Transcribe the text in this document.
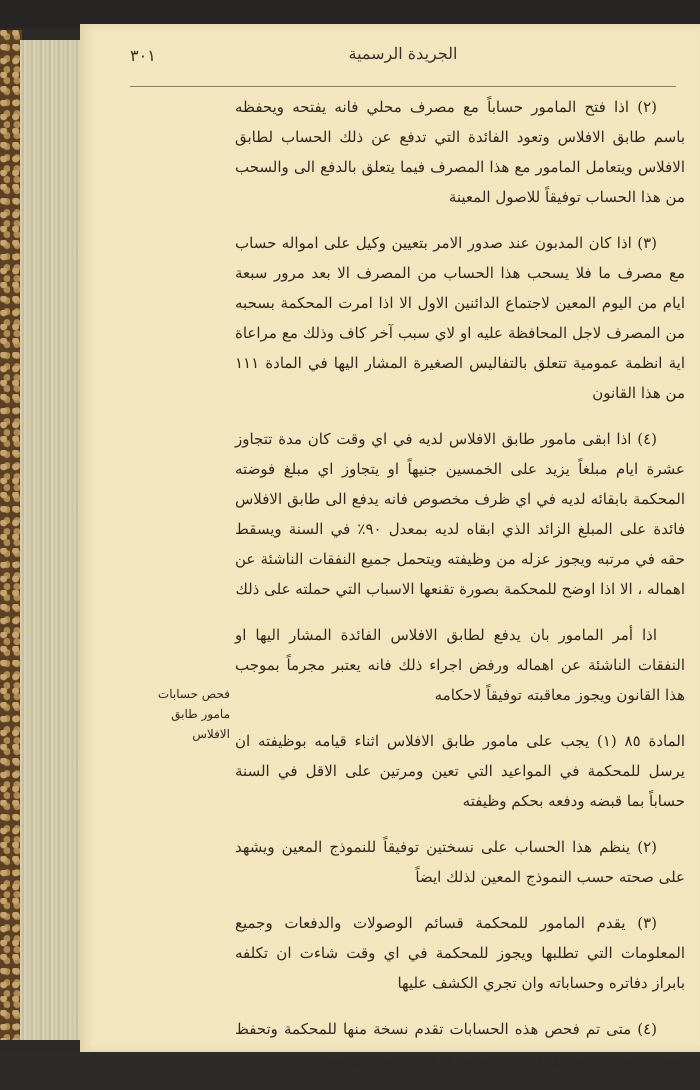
٣٠١	الجريدة الرسمية
فحص حسابات
مامور طابق
الافلاس

(٢) اذا فتح المامور حساباً مع مصرف محلي فانه يفتحه ويحفظه باسم طابق الافلاس وتعود الفائدة التي تدفع عن ذلك الحساب لطابق الافلاس ويتعامل المامور مع هذا المصرف فيما يتعلق بالدفع الى والسحب من هذا الحساب توفيقاً للاصول المعينة

(٣) اذا كان المدبون عند صدور الامر بتعيين وكيل على امواله حساب مع مصرف ما فلا يسحب هذا الحساب من المصرف الا بعد مرور سبعة ايام من اليوم المعين لاجتماع الدائنين الاول الا اذا امرت المحكمة بسحبه من المصرف لاجل المحافظة عليه او لاي سبب آخر كاف وذلك مع مراعاة اية انظمة عمومية تتعلق بالتفاليس الصغيرة المشار اليها في المادة ١١١ من هذا القانون

(٤) اذا ابقى مامور طابق الافلاس لديه في اي وقت كان مدة تتجاوز عشرة ايام مبلغاً يزيد على الخمسين جنيهاً او يتجاوز اي مبلغ فوضته المحكمة بابقائه لديه في اي ظرف مخصوص فانه يدفع الى طابق الافلاس فائدة على المبلغ الزائد الذي ابقاه لديه بمعدل ٩٠٪ في السنة ويسقط حقه في مرتبه ويجوز عزله من وظيفته ويتحمل جميع النفقات الناشئة عن اهماله ، الا اذا اوضح للمحكمة بصورة تقنعها الاسباب التي حملته على ذلك

اذا أمر المامور بان يدفع لطابق الافلاس الفائدة المشار اليها او النفقات الناشئة عن اهماله ورفض اجراء ذلك فانه يعتبر مجرماً بموجب هذا القانون ويجوز معاقبته توفيقاً لاحكامه

المادة ٨٥ (١) يجب على مامور طابق الافلاس اثناء قيامه بوظيفته ان يرسل للمحكمة في المواعيد التي تعين ومرتين على الاقل في السنة حساباً بما قبضه ودفعه بحكم وظيفته

(٢) ينظم هذا الحساب على نسختين توفيقاً للنموذج المعين ويشهد على صحته حسب النموذج المعين لذلك ايضاً

(٣) يقدم المامور للمحكمة قسائم الوصولات والدفعات وجميع المعلومات التي تطلبها ويجوز للمحكمة في اي وقت شاءت ان تكلفه بابراز دفاتره وحساباته وان تجري الكشف عليها

(٤) متى تم فحص هذه الحسابات تقدم نسخة منها للمحكمة وتحفظ فيها كي يطلع عليها اي دائن او مفلس او اي شخص ذي مصلحة
